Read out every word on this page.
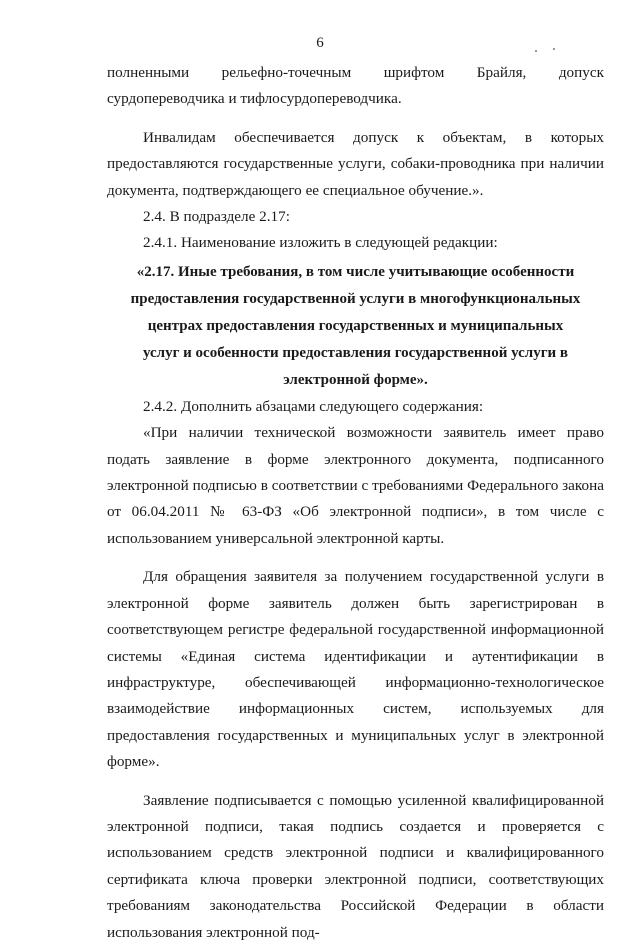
6

полненными рельефно-точечным шрифтом Брайля, допуск сурдопереводчика и тифлосурдопереводчика.

Инвалидам обеспечивается допуск к объектам, в которых предоставляются государственные услуги, собаки-проводника при наличии документа, подтверждающего ее специальное обучение.».

2.4. В подразделе 2.17:

2.4.1. Наименование изложить в следующей редакции:

«2.17. Иные требования, в том числе учитывающие особенности предоставления государственной услуги в многофункциональных центрах предоставления государственных и муниципальных услуг и особенности предоставления государственной услуги в электронной форме».

2.4.2. Дополнить абзацами следующего содержания:

«При наличии технической возможности заявитель имеет право подать заявление в форме электронного документа, подписанного электронной подписью в соответствии с требованиями Федерального закона от 06.04.2011 № 63-ФЗ «Об электронной подписи», в том числе с использованием универсальной электронной карты.

Для обращения заявителя за получением государственной услуги в электронной форме заявитель должен быть зарегистрирован в соответствующем регистре федеральной государственной информационной системы «Единая система идентификации и аутентификации в инфраструктуре, обеспечивающей информационно-технологическое взаимодействие информационных систем, используемых для предоставления государственных и муниципальных услуг в электронной форме».

Заявление подписывается с помощью усиленной квалифицированной электронной подписи, такая подпись создается и проверяется с использованием средств электронной подписи и квалифицированного сертификата ключа проверки электронной подписи, соответствующих требованиям законодательства Российской Федерации в области использования электронной под-
